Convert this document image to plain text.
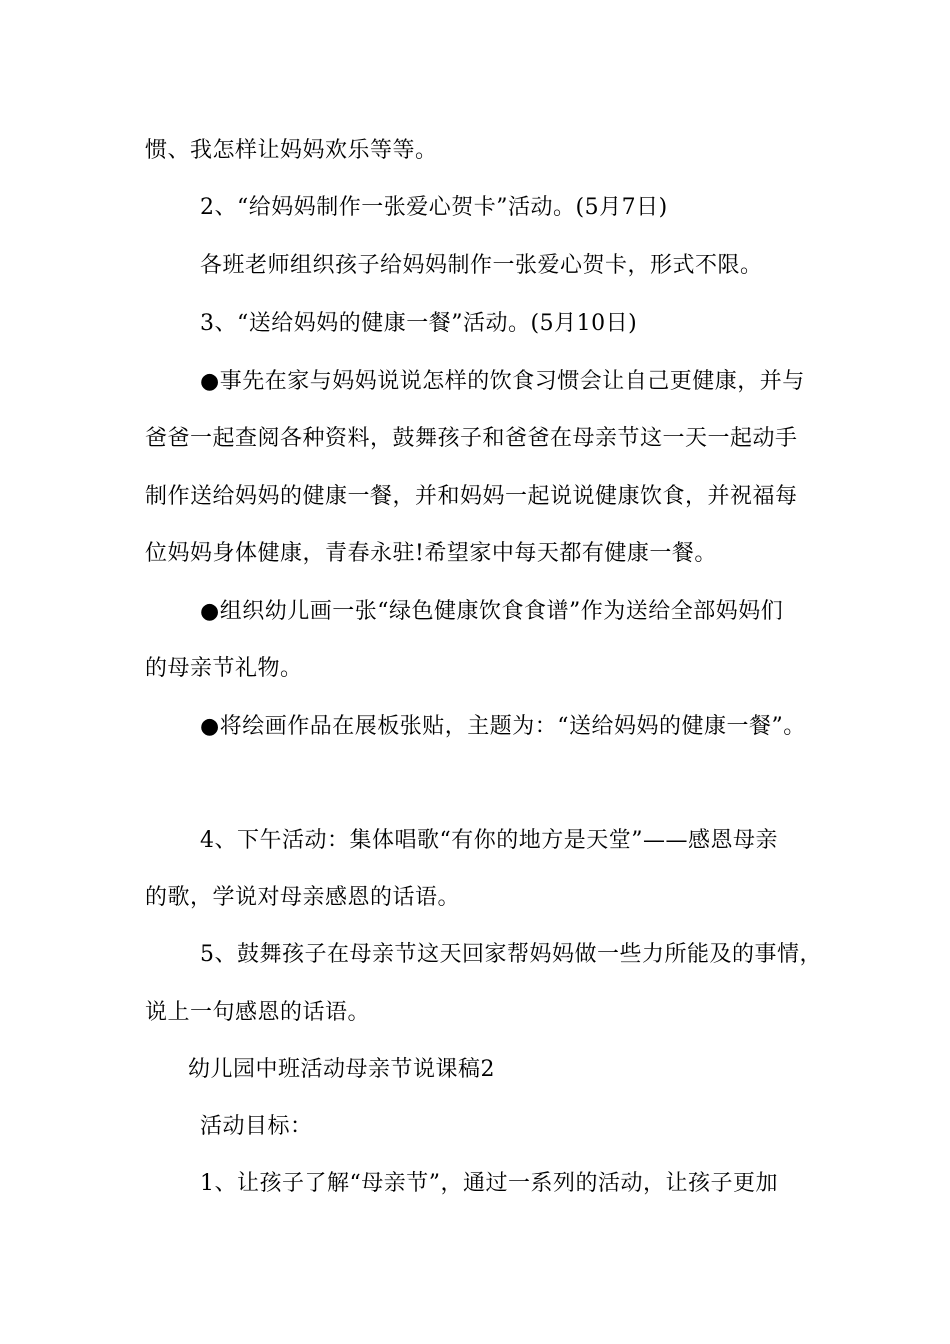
惯、我怎样让妈妈欢乐等等。
2、“给妈妈制作一张爱心贺卡”活动。(5月7日)
各班老师组织孩子给妈妈制作一张爱心贺卡，形式不限。
3、“送给妈妈的健康一餐”活动。(5月10日)
●事先在家与妈妈说说怎样的饮食习惯会让自己更健康，并与
爸爸一起查阅各种资料，鼓舞孩子和爸爸在母亲节这一天一起动手
制作送给妈妈的健康一餐，并和妈妈一起说说健康饮食，并祝福每
位妈妈身体健康，青春永驻!希望家中每天都有健康一餐。
●组织幼儿画一张“绿色健康饮食食谱”作为送给全部妈妈们
的母亲节礼物。
●将绘画作品在展板张贴，主题为：“送给妈妈的健康一餐”。
4、下午活动：集体唱歌“有你的地方是天堂”——感恩母亲
的歌，学说对母亲感恩的话语。
5、鼓舞孩子在母亲节这天回家帮妈妈做一些力所能及的事情，
说上一句感恩的话语。
幼儿园中班活动母亲节说课稿2
活动目标：
1、让孩子了解“母亲节”，通过一系列的活动，让孩子更加
